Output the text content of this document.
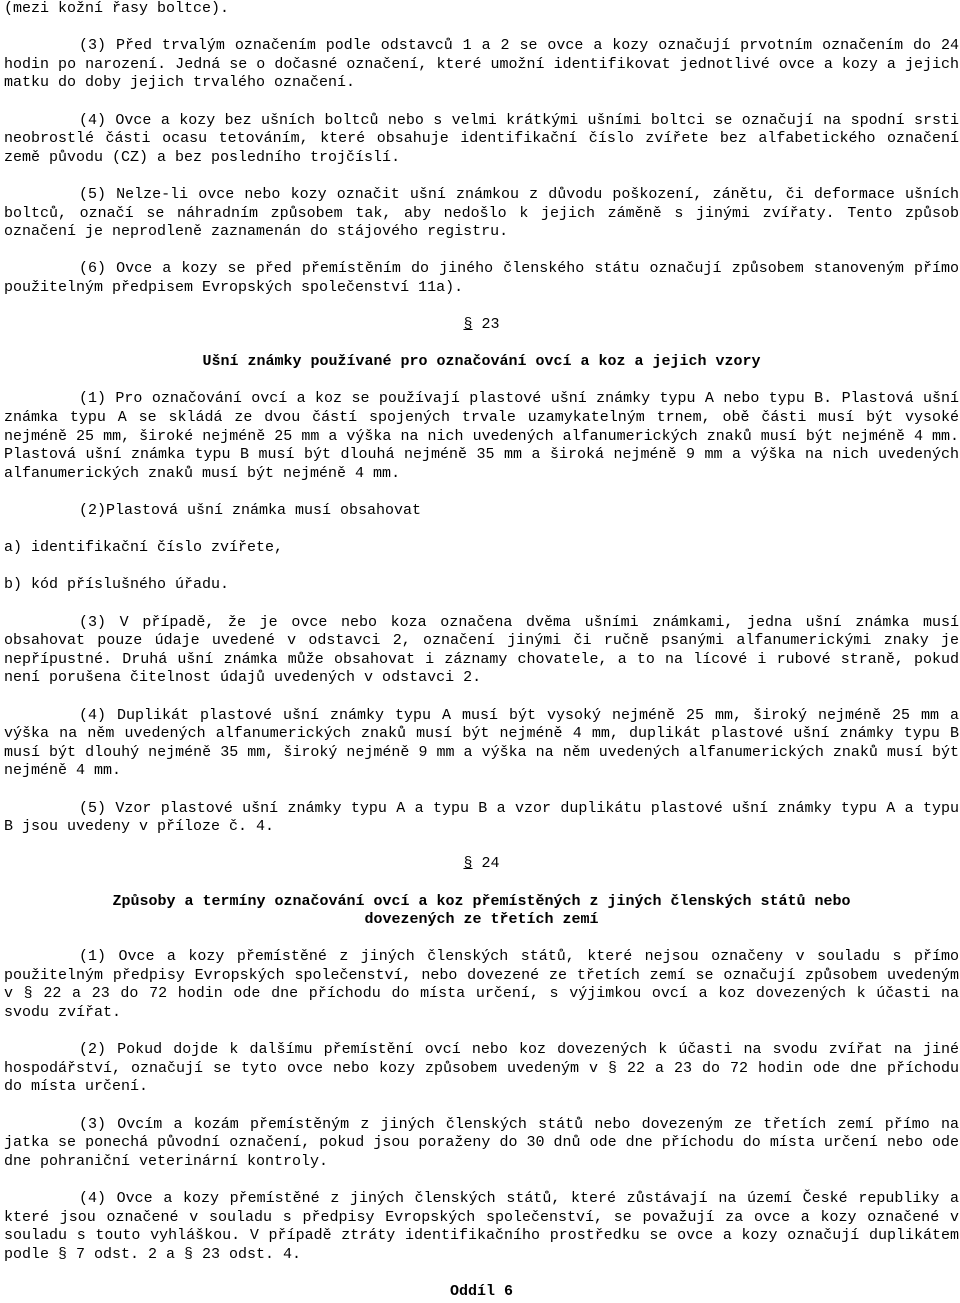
(mezi kožní řasy boltce).

(3) Před trvalým označením podle odstavců 1 a 2 se ovce a kozy označují prvotním označením do 24 hodin po narození. Jedná se o dočasné označení, které umožní identifikovat jednotlivé ovce a kozy a jejich matku do doby jejich trvalého označení.

(4) Ovce a kozy bez ušních boltců nebo s velmi krátkými ušními boltci se označují na spodní srsti neobrostlé části ocasu tetováním, které obsahuje identifikační číslo zvířete bez alfabetického označení země původu (CZ) a bez posledního trojčíslí.

(5) Nelze-li ovce nebo kozy označit ušní známkou z důvodu poškození, zánětu, či deformace ušních boltců, označí se náhradním způsobem tak, aby nedošlo k jejich záměně s jinými zvířaty. Tento způsob označení je neprodleně zaznamenán do stájového registru.

(6) Ovce a kozy se před přemístěním do jiného členského státu označují způsobem stanoveným přímo použitelným předpisem Evropských společenství 11a).

§ 23
Ušní známky používané pro označování ovcí a koz a jejich vzory

(1) Pro označování ovcí a koz se používají plastové ušní známky typu A nebo typu B. Plastová ušní známka typu A se skládá ze dvou částí spojených trvale uzamykatelným trnem, obě části musí být vysoké nejméně 25 mm, široké nejméně 25 mm a výška na nich uvedených alfanumerických znaků musí být nejméně 4 mm. Plastová ušní známka typu B musí být dlouhá nejméně 35 mm a široká nejméně 9 mm a výška na nich uvedených alfanumerických znaků musí být nejméně 4 mm.

(2)Plastová ušní známka musí obsahovat

a) identifikační číslo zvířete,

b) kód příslušného úřadu.

(3) V případě, že je ovce nebo koza označena dvěma ušními známkami, jedna ušní známka musí obsahovat pouze údaje uvedené v odstavci 2, označení jinými či ručně psanými alfanumerickými znaky je nepřípustné. Druhá ušní známka může obsahovat i záznamy chovatele, a to na lícové i rubové straně, pokud není porušena čitelnost údajů uvedených v odstavci 2.

(4) Duplikát plastové ušní známky typu A musí být vysoký nejméně 25 mm, široký nejméně 25 mm a výška na něm uvedených alfanumerických znaků musí být nejméně 4 mm, duplikát plastové ušní známky typu B musí být dlouhý nejméně 35 mm, široký nejméně 9 mm a výška na něm uvedených alfanumerických znaků musí být nejméně 4 mm.

(5) Vzor plastové ušní známky typu A a typu B a vzor duplikátu plastové ušní známky typu A a typu B jsou uvedeny v příloze č. 4.

§ 24
Způsoby a termíny označování ovcí a koz přemístěných z jiných členských států nebo
dovezených ze třetích zemí

(1) Ovce a kozy přemístěné z jiných členských států, které nejsou označeny v souladu s přímo použitelným předpisy Evropských společenství, nebo dovezené ze třetích zemí se označují způsobem uvedeným v § 22 a 23 do 72 hodin ode dne příchodu do místa určení, s výjimkou ovcí a koz dovezených k účasti na svodu zvířat.

(2) Pokud dojde k dalšímu přemístění ovcí nebo koz dovezených k účasti na svodu zvířat na jiné hospodářství, označují se tyto ovce nebo kozy způsobem uvedeným v § 22 a 23 do 72 hodin ode dne příchodu do místa určení.

(3) Ovcím a kozám přemístěným z jiných členských států nebo dovezeným ze třetích zemí přímo na jatka se ponechá původní označení, pokud jsou poraženy do 30 dnů ode dne příchodu do místa určení nebo ode dne pohraniční veterinární kontroly.

(4) Ovce a kozy přemístěné z jiných členských států, které zůstávají na území České republiky a které jsou označené v souladu s předpisy Evropských společenství, se považují za ovce a kozy označené v souladu s touto vyhláškou. V případě ztráty identifikačního prostředku se ovce a kozy označují duplikátem podle § 7 odst. 2 a § 23 odst. 4.

Oddíl 6
